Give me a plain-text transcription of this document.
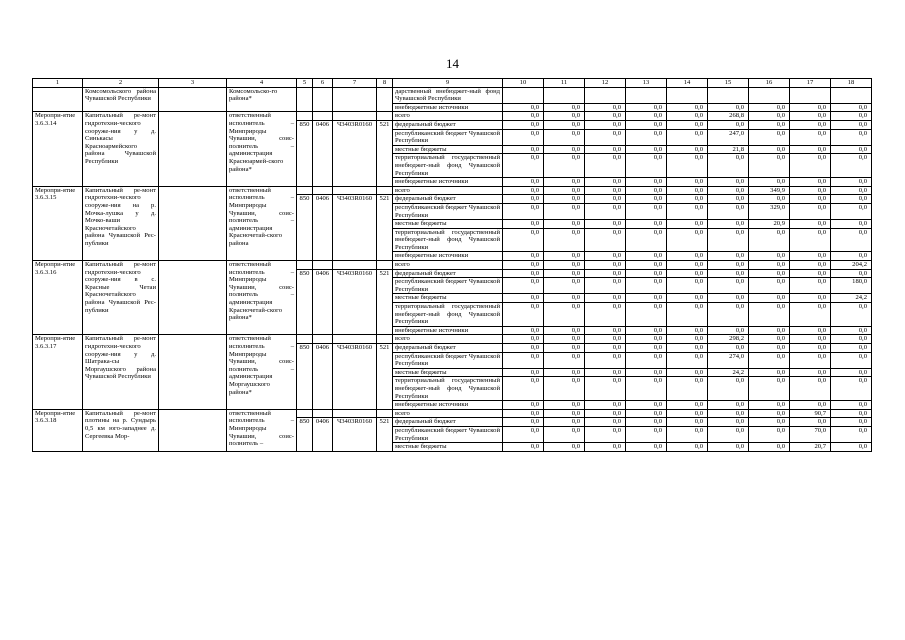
14
1	2	3	4	5	6	7	8	9	10	11	12	13	14	15	16	17	18
	Комсомольского района Чувашской Республики		Комсомольско-го района*					дарственный внебюджет-ный фонд Чувашской Республики									
								внебюджетные источники	0,0	0,0	0,0	0,0	0,0	0,0	0,0	0,0	0,0
Меропри-ятие 3.6.3.14	Капитальный ре-монт гидротехни-ческого сооруже-ния у д. Синькасы Красноармейского района Чувашской Республики		ответственный исполнитель – Минприроды Чувашии, соис-полнитель – администрация Красноармей-ского района*					всего	0,0	0,0	0,0	0,0	0,0	268,8	0,0	0,0	0,0
				850	0406	Ч3403R0160	521	федеральный бюджет	0,0	0,0	0,0	0,0	0,0	0,0	0,0	0,0	0,0
								республиканский бюджет Чувашской Республики	0,0	0,0	0,0	0,0	0,0	247,0	0,0	0,0	0,0
								местные бюджеты	0,0	0,0	0,0	0,0	0,0	21,8	0,0	0,0	0,0
								территориальный государственный внебюджет-ный фонд Чувашской Республики	0,0	0,0	0,0	0,0	0,0	0,0	0,0	0,0	0,0
								внебюджетные источники	0,0	0,0	0,0	0,0	0,0	0,0	0,0	0,0	0,0
Меропри-ятие 3.6.3.15	Капитальный ре-монт гидротехни-ческого сооруже-ния на р. Мочка-лушка у д. Мочко-ваши Красночетайского района Чувашской Рес-публики		ответственный исполнитель – Минприроды Чувашии, соис-полнитель – администрация Красночетай-ского района					всего	0,0	0,0	0,0	0,0	0,0	0,0	349,9	0,0	0,0
				850	0406	Ч3403R0160	521	федеральный бюджет	0,0	0,0	0,0	0,0	0,0	0,0	0,0	0,0	0,0
								республиканский бюджет Чувашской Республики	0,0	0,0	0,0	0,0	0,0	0,0	329,0	0,0	0,0
								местные бюджеты	0,0	0,0	0,0	0,0	0,0	0,0	20,9	0,0	0,0
								территориальный государственный внебюджет-ный фонд Чувашской Республики	0,0	0,0	0,0	0,0	0,0	0,0	0,0	0,0	0,0
								внебюджетные источники	0,0	0,0	0,0	0,0	0,0	0,0	0,0	0,0	0,0
Меропри-ятие 3.6.3.16	Капитальный ре-монт гидротехни-ческого сооруже-ния в с. Красные Четаи Красночетайского района Чувашской Рес-публики		ответственный исполнитель – Минприроды Чувашии, соис-полнитель – администрация Красночетай-ского района*					всего	0,0	0,0	0,0	0,0	0,0	0,0	0,0	0,0	204,2
				850	0406	Ч3403R0160	521	федеральный бюджет	0,0	0,0	0,0	0,0	0,0	0,0	0,0	0,0	0,0
								республиканский бюджет Чувашской Республики	0,0	0,0	0,0	0,0	0,0	0,0	0,0	0,0	180,0
								местные бюджеты	0,0	0,0	0,0	0,0	0,0	0,0	0,0	0,0	24,2
								территориальный государственный внебюджет-ный фонд Чувашской Республики	0,0	0,0	0,0	0,0	0,0	0,0	0,0	0,0	0,0
								внебюджетные источники	0,0	0,0	0,0	0,0	0,0	0,0	0,0	0,0	0,0
Меропри-ятие 3.6.3.17	Капитальный ре-монт гидротехни-ческого сооруже-ния у д. Шатрака-сы Моргаушского района Чувашской Республики		ответственный исполнитель – Минприроды Чувашии, соис-полнитель – администрация Моргаушского района*					всего	0,0	0,0	0,0	0,0	0,0	298,2	0,0	0,0	0,0
				850	0406	Ч3403R0160	521	федеральный бюджет	0,0	0,0	0,0	0,0	0,0	0,0	0,0	0,0	0,0
								республиканский бюджет Чувашской Республики	0,0	0,0	0,0	0,0	0,0	274,0	0,0	0,0	0,0
								местные бюджеты	0,0	0,0	0,0	0,0	0,0	24,2	0,0	0,0	0,0
								территориальный государственный внебюджет-ный фонд Чувашской Республики	0,0	0,0	0,0	0,0	0,0	0,0	0,0	0,0	0,0
								внебюджетные источники	0,0	0,0	0,0	0,0	0,0	0,0	0,0	0,0	0,0
Меропри-ятие 3.6.3.18	Капитальный ре-монт плотины на р. Сундырь 0,5 км юго-западнее д. Сергеевка Мор-		ответственный исполнитель – Минприроды Чувашии, соис-полнитель –					всего	0,0	0,0	0,0	0,0	0,0	0,0	0,0	90,7	0,0
				850	0406	Ч3403R0160	521	федеральный бюджет	0,0	0,0	0,0	0,0	0,0	0,0	0,0	0,0	0,0
								республиканский бюджет Чувашской Республики	0,0	0,0	0,0	0,0	0,0	0,0	0,0	70,0	0,0
								местные бюджеты	0,0	0,0	0,0	0,0	0,0	0,0	0,0	20,7	0,0
